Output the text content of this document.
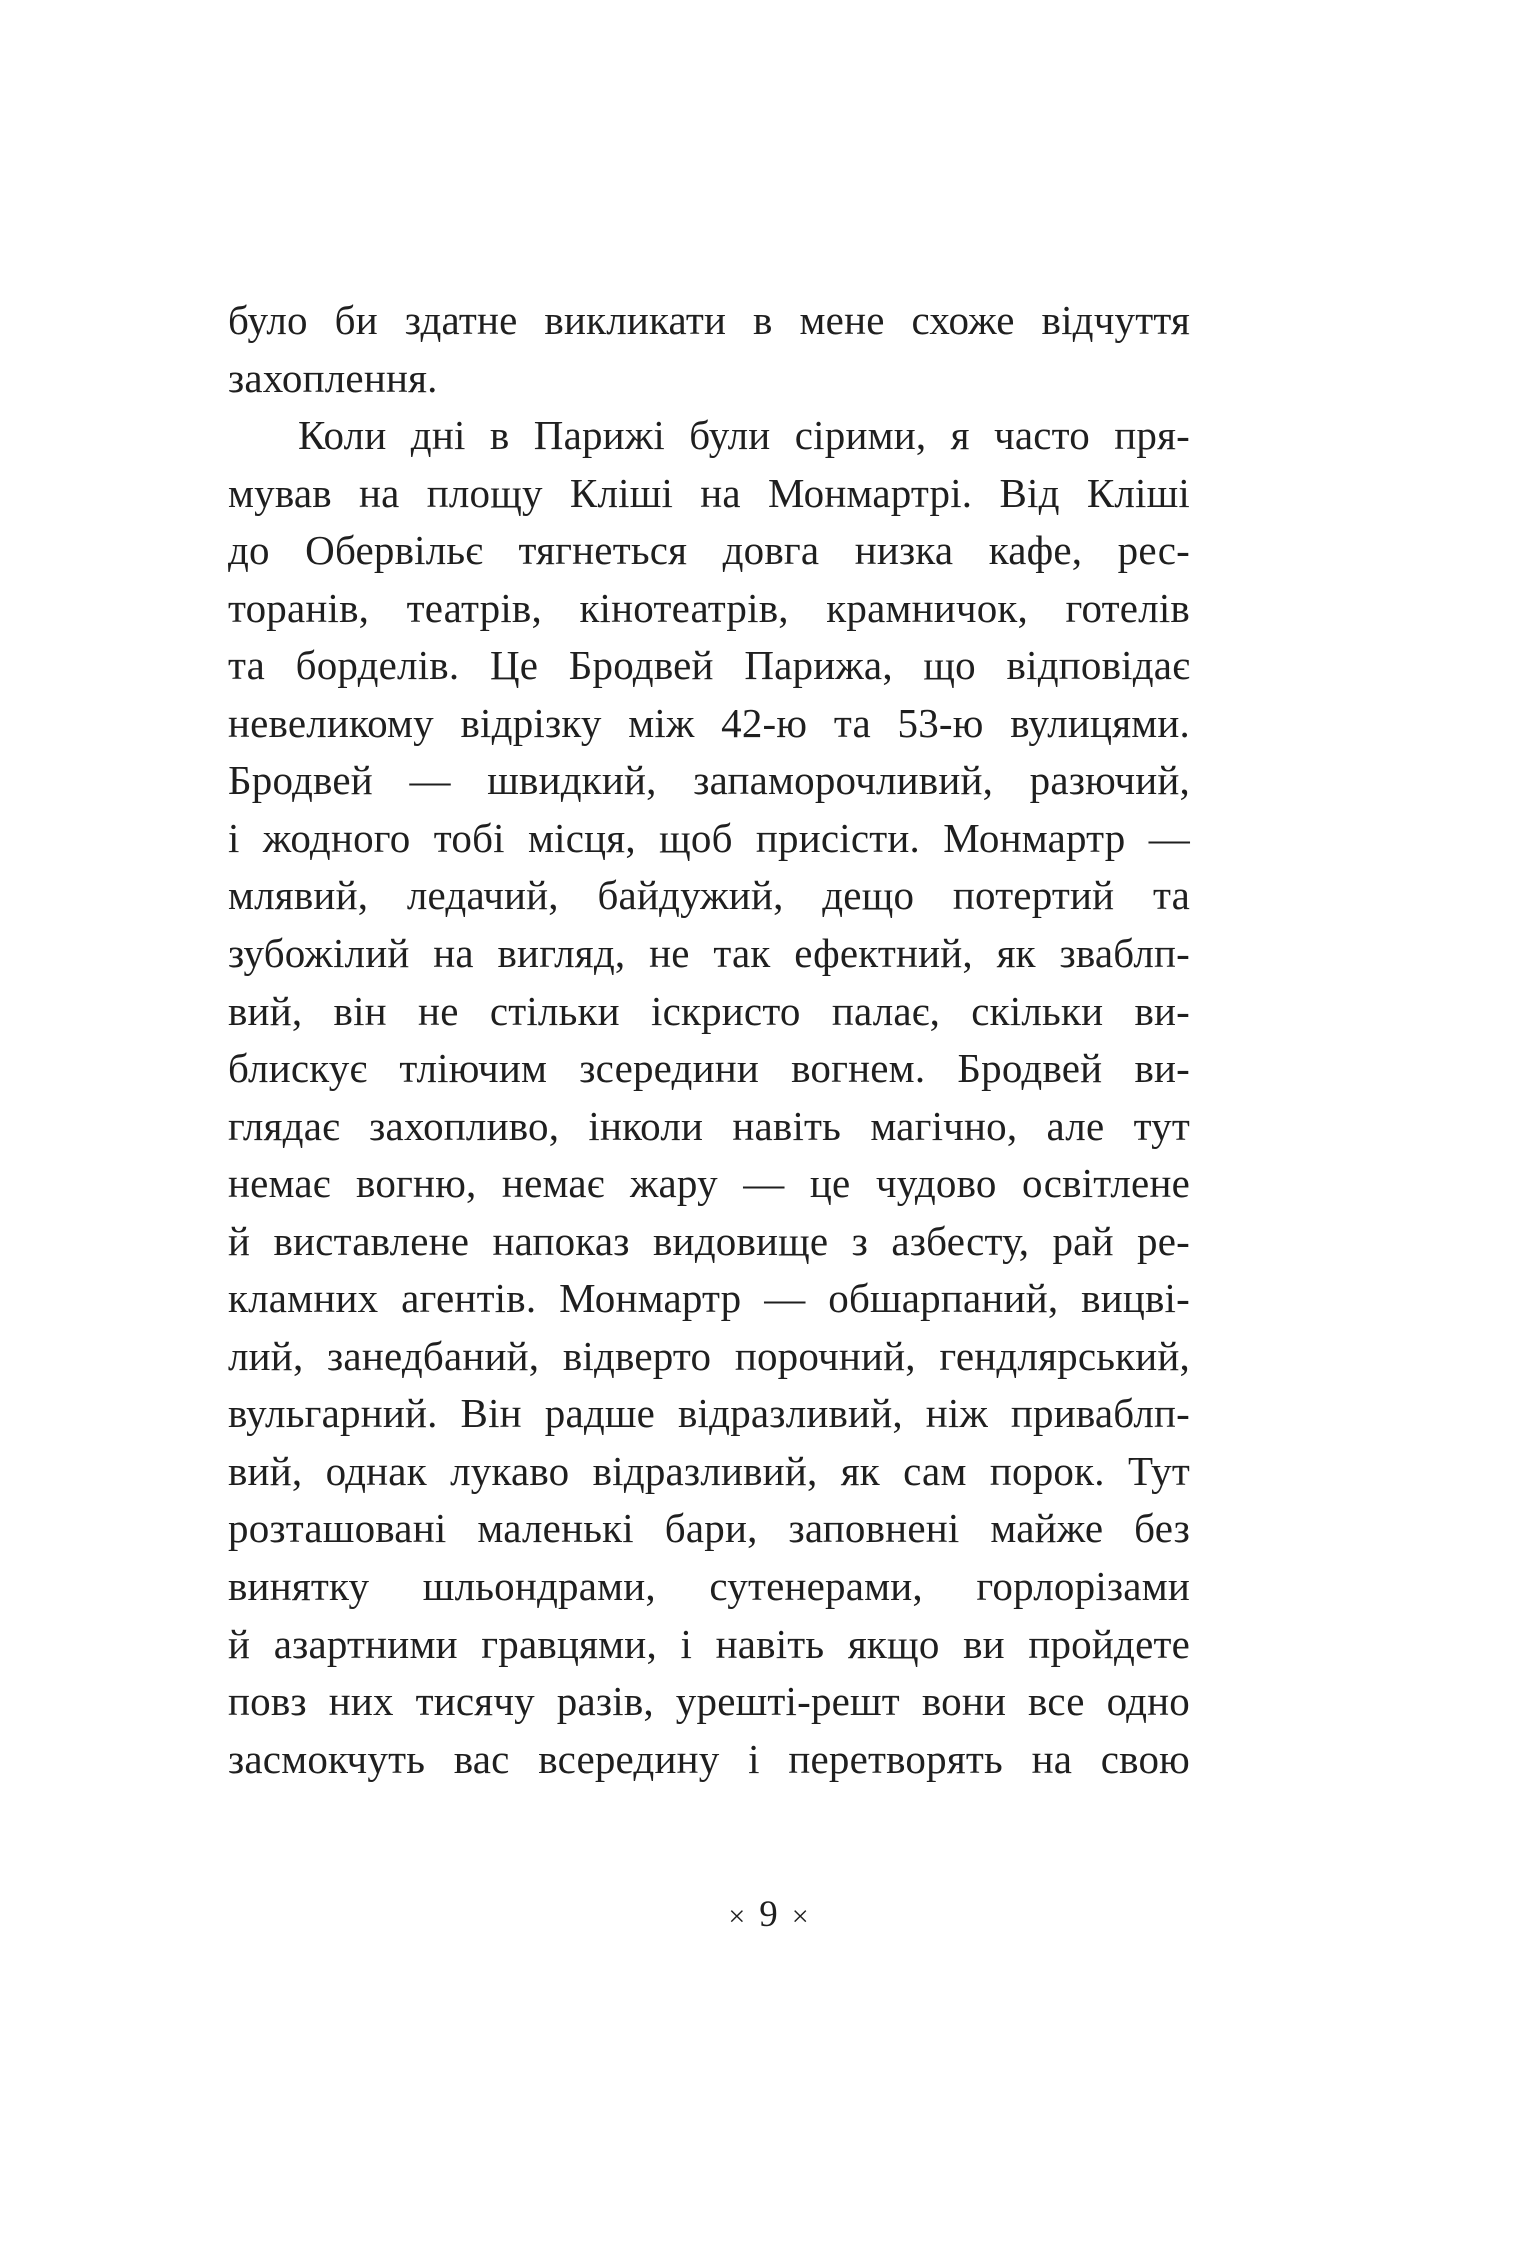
було би здатне викликати в мене схоже відчуття
захоплення.
Коли дні в Парижі були сірими, я часто пря-
мував на площу Кліші на Монмартрі. Від Кліші
до Обервільє тягнеться довга низка кафе, рес-
торанів, театрів, кінотеатрів, крамничок, готелів
та борделів. Це Бродвей Парижа, що відповідає
невеликому відрізку між 42-ю та 53-ю вулицями.
Бродвей — швидкий, запаморочливий, разючий,
і жодного тобі місця, щоб присісти. Монмартр —
млявий, ледачий, байдужий, дещо потертий та
зубожілий на вигляд, не так ефектний, як зваблп-
вий, він не стільки іскристо палає, скільки ви-
блискує тліючим зсередини вогнем. Бродвей ви-
глядає захопливо, інколи навіть магічно, але тут
немає вогню, немає жару — це чудово освітлене
й виставлене напоказ видовище з азбесту, рай ре-
кламних агентів. Монмартр — обшарпаний, вицві-
лий, занедбаний, відверто порочний, гендлярський,
вульгарний. Він радше відразливий, ніж приваблп-
вий, однак лукаво відразливий, як сам порок. Тут
розташовані маленькі бари, заповнені майже без
винятку шльондрами, сутенерами, горлорізами
й азартними гравцями, і навіть якщо ви пройдете
повз них тисячу разів, урешті-решт вони все одно
засмокчуть вас всередину і перетворять на свою
× 9 ×
